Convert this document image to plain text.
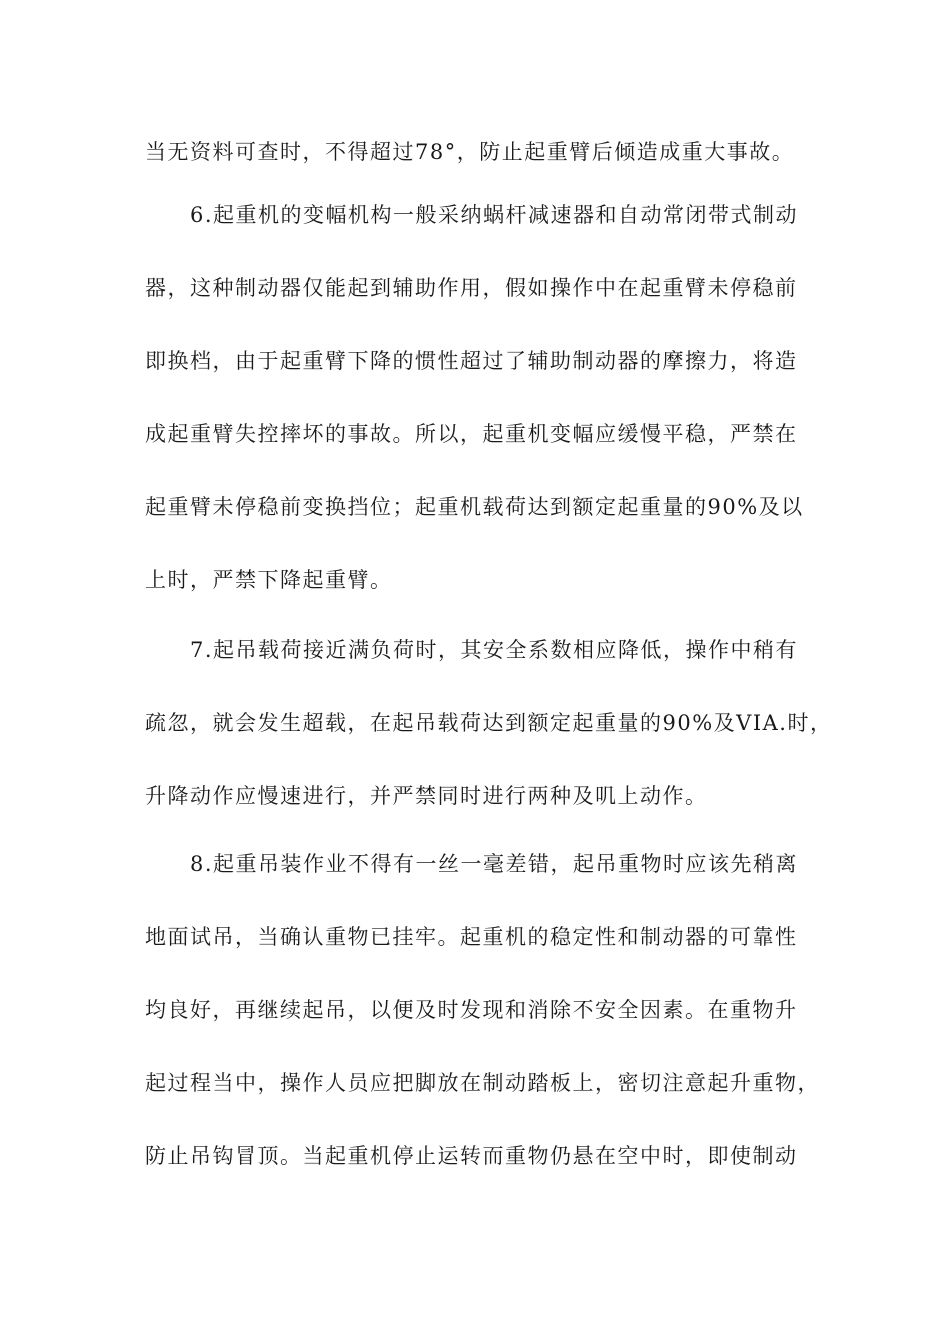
当无资料可查时，不得超过78°，防止起重臂后倾造成重大事故。
6.起重机的变幅机构一般采纳蜗杆减速器和自动常闭带式制动
器，这种制动器仅能起到辅助作用，假如操作中在起重臂未停稳前
即换档，由于起重臂下降的惯性超过了辅助制动器的摩擦力，将造
成起重臂失控摔坏的事故。所以，起重机变幅应缓慢平稳，严禁在
起重臂未停稳前变换挡位；起重机载荷达到额定起重量的90%及以
上时，严禁下降起重臂。
7.起吊载荷接近满负荷时，其安全系数相应降低，操作中稍有
疏忽，就会发生超载，在起吊载荷达到额定起重量的90%及VIA.时，
升降动作应慢速进行，并严禁同时进行两种及叽上动作。
8.起重吊装作业不得有一丝一毫差错，起吊重物时应该先稍离
地面试吊，当确认重物已挂牢。起重机的稳定性和制动器的可靠性
均良好，再继续起吊，以便及时发现和消除不安全因素。在重物升
起过程当中，操作人员应把脚放在制动踏板上，密切注意起升重物，
防止吊钩冒顶。当起重机停止运转而重物仍悬在空中时，即使制动
